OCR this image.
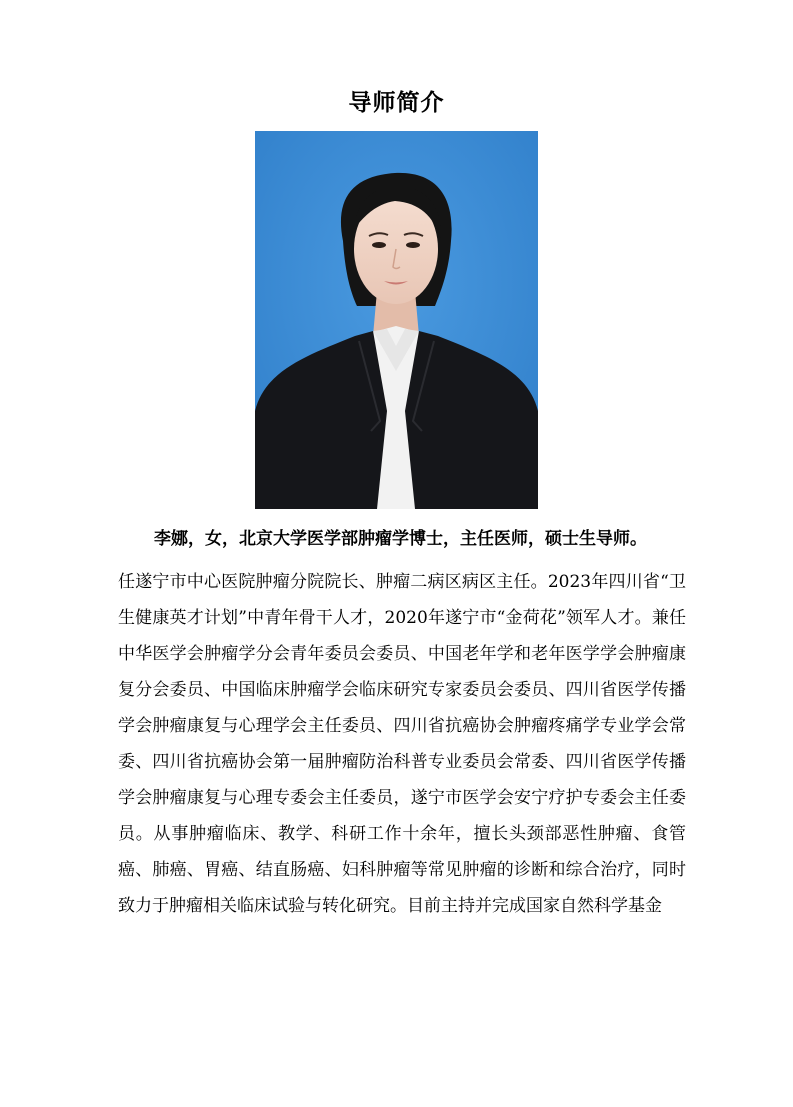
导师简介
李娜，女，北京大学医学部肿瘤学博士，主任医师，硕士生导师。
任遂宁市中心医院肿瘤分院院长、肿瘤二病区病区主任。2023年四川省“卫生健康英才计划”中青年骨干人才，2020年遂宁市“金荷花”领军人才。兼任中华医学会肿瘤学分会青年委员会委员、中国老年学和老年医学学会肿瘤康复分会委员、中国临床肿瘤学会临床研究专家委员会委员、四川省医学传播学会肿瘤康复与心理学会主任委员、四川省抗癌协会肿瘤疼痛学专业学会常委、四川省抗癌协会第一届肿瘤防治科普专业委员会常委、四川省医学传播学会肿瘤康复与心理专委会主任委员，遂宁市医学会安宁疗护专委会主任委员。从事肿瘤临床、教学、科研工作十余年，擅长头颈部恶性肿瘤、食管癌、肺癌、胃癌、结直肠癌、妇科肿瘤等常见肿瘤的诊断和综合治疗，同时致力于肿瘤相关临床试验与转化研究。目前主持并完成国家自然科学基金
